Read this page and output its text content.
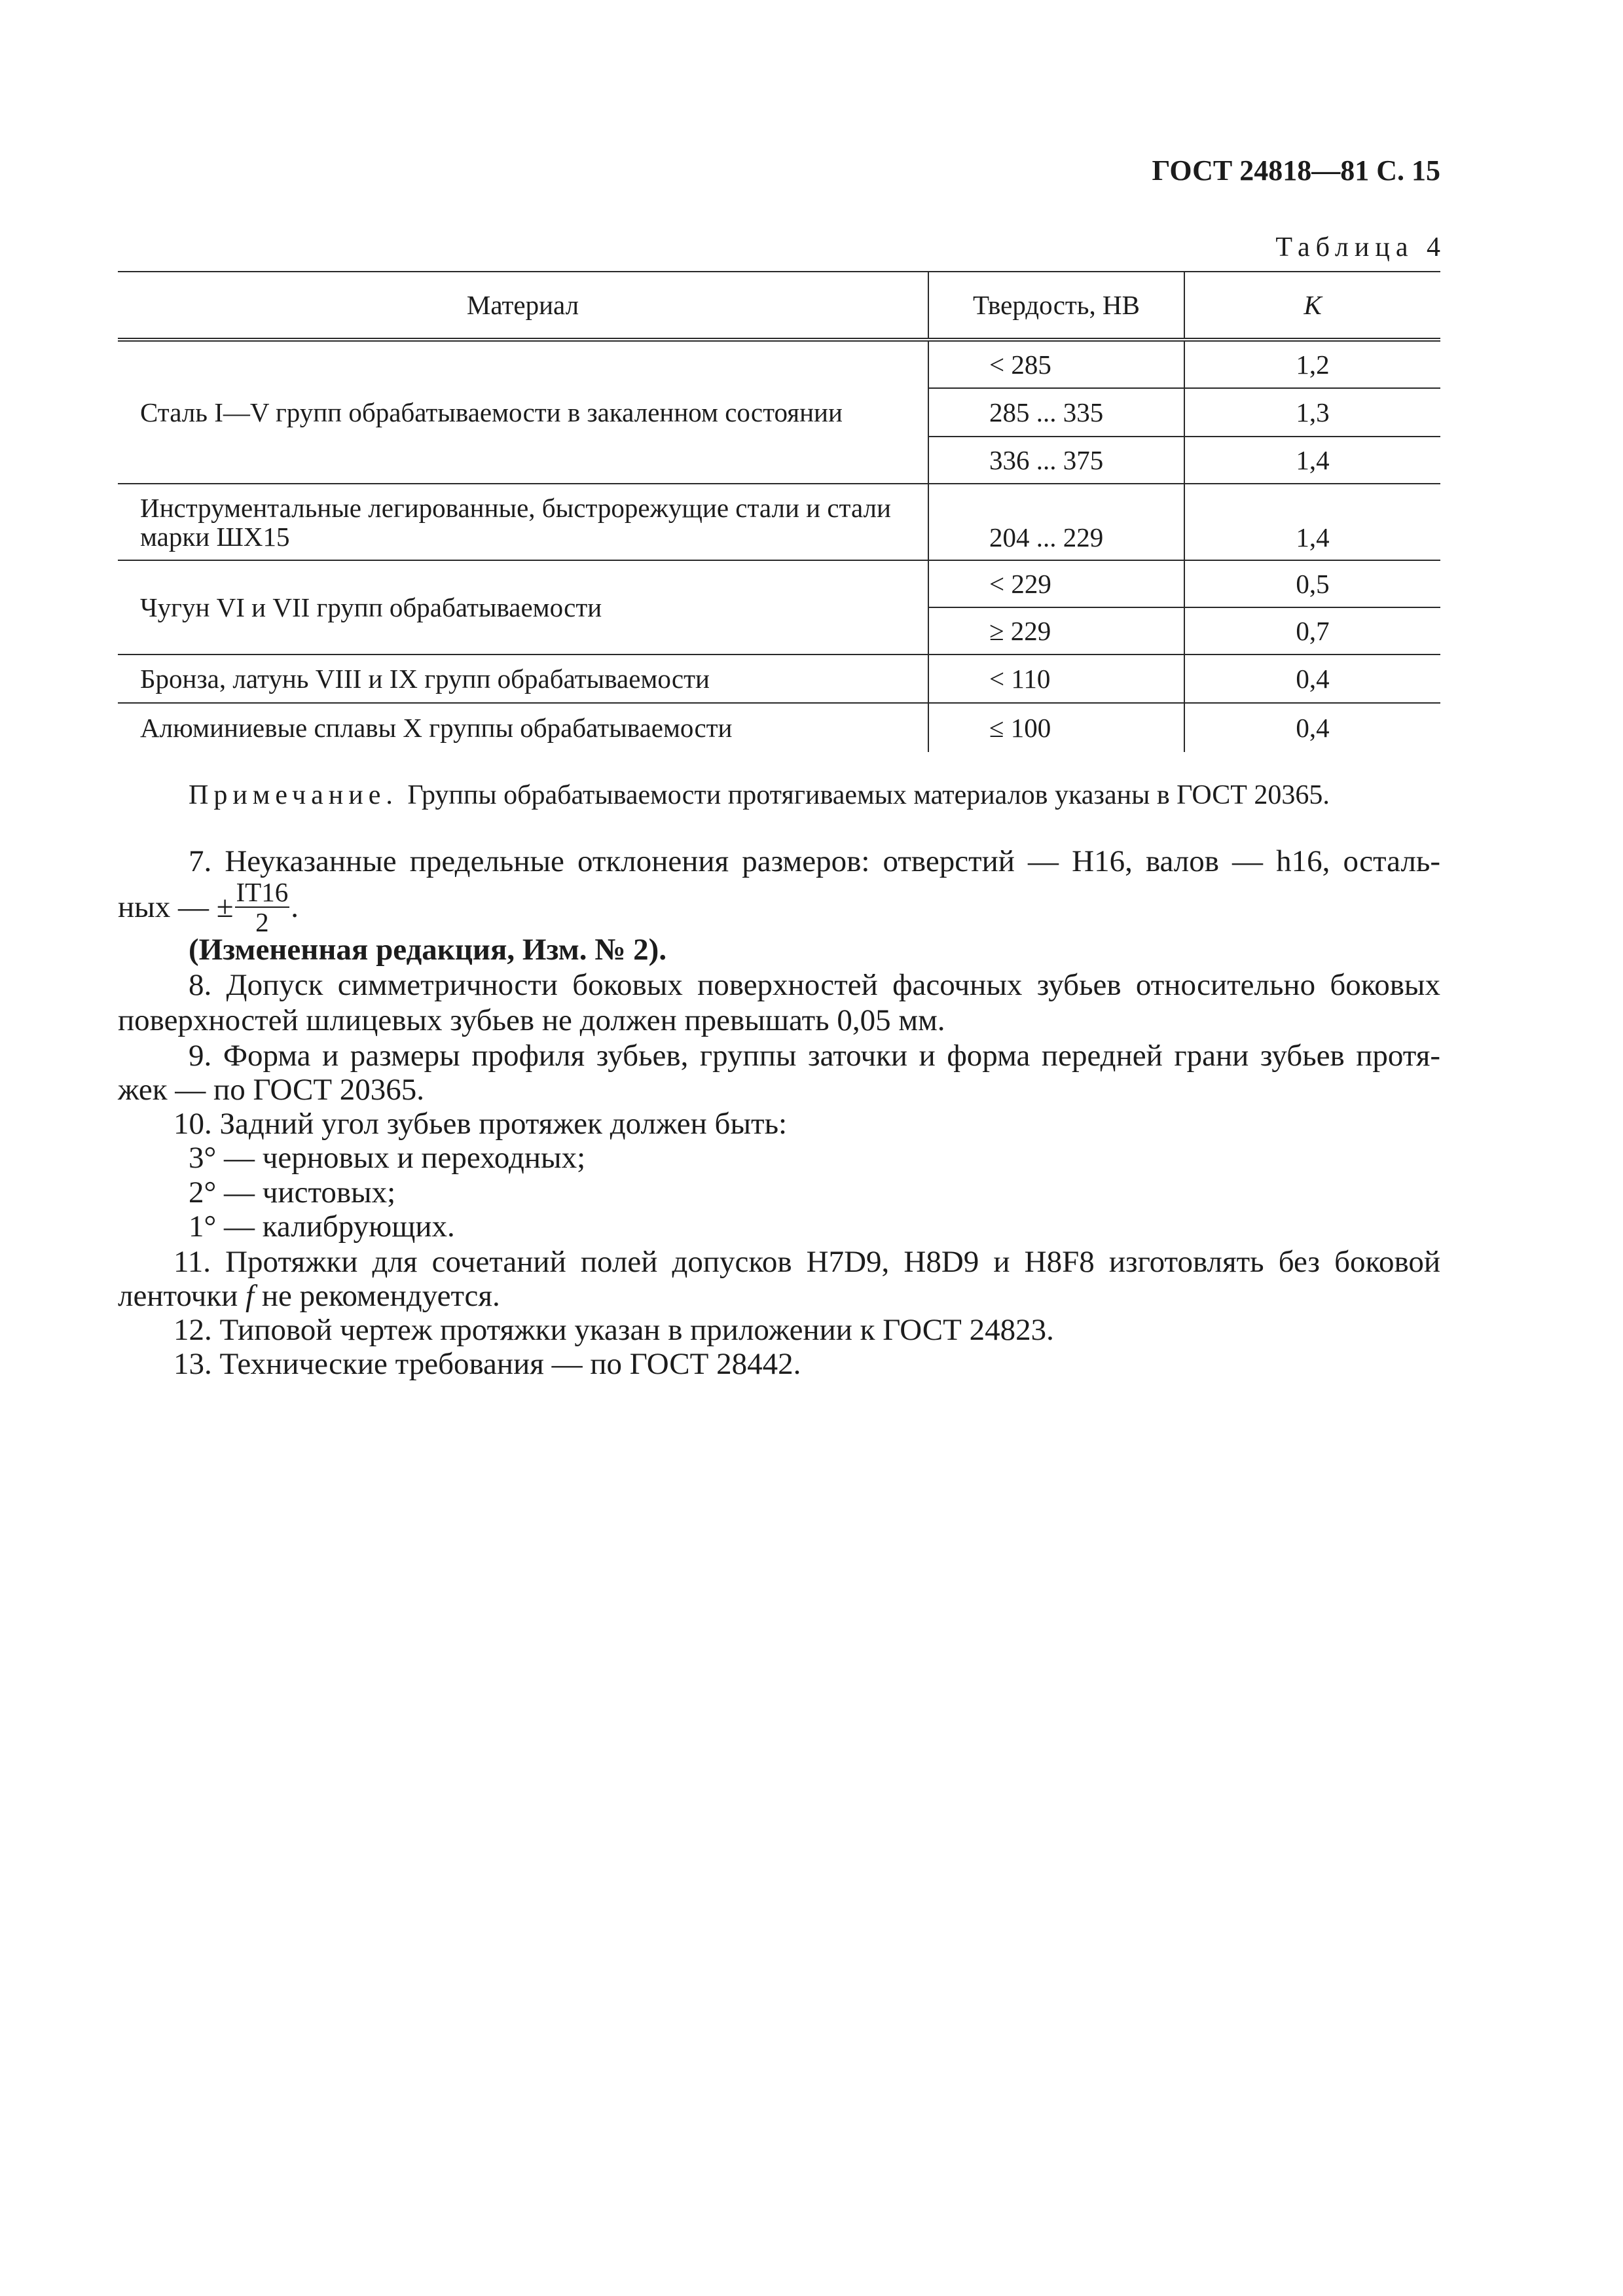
ГОСТ 24818—81 С. 15
Таблица 4
Материал	Твердость, НВ	K

Сталь I—V групп обрабатываемости в закаленном состоянии	< 285	1,2
	285 ... 335	1,3
	336 ... 375	1,4

Инструментальные легированные, быстрорежущие стали и стали
марки ШХ15	204 ... 229	1,4

Чугун VI и VII групп обрабатываемости	< 229	0,5
	≥ 229	0,7

Бронза, латунь VIII и IX групп обрабатываемости	< 110	0,4

Алюминиевые сплавы X группы обрабатываемости	≤ 100	0,4
Примечание. Группы обрабатываемости протягиваемых материалов указаны в ГОСТ 20365.
7. Неуказанные предельные отклонения размеров: отверстий — H16, валов — h16, осталь-
ных — ± $\frac{IT16}{2}$ .
(Измененная редакция, Изм. № 2).
8. Допуск симметричности боковых поверхностей фасочных зубьев относительно боковых
поверхностей шлицевых зубьев не должен превышать 0,05 мм.
9. Форма и размеры профиля зубьев, группы заточки и форма передней грани зубьев протя-
жек — по ГОСТ 20365.
10. Задний угол зубьев протяжек должен быть:
3° — черновых и переходных;
2° — чистовых;
1° — калибрующих.
11. Протяжки для сочетаний полей допусков H7D9, H8D9 и H8F8 изготовлять без боковой
ленточки f не рекомендуется.
12. Типовой чертеж протяжки указан в приложении к ГОСТ 24823.
13. Технические требования — по ГОСТ 28442.
